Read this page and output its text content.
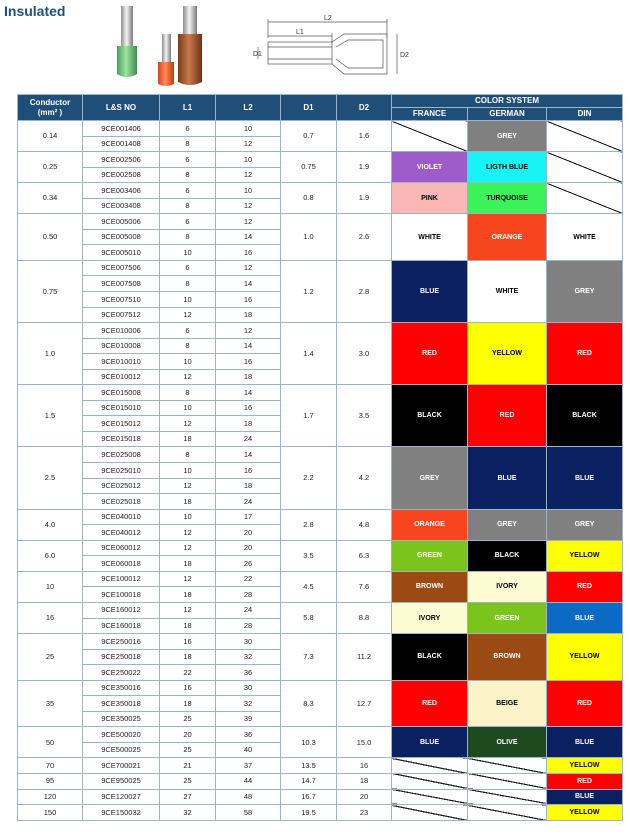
Insulated	L2
L1
D1	D2
Conductor
(mm² )	L&S NO	L1	L2	D1	D2	COLOR SYSTEM		
						FRANCE	GERMAN	DIN
0.14	9CE001406	6	10	0.7	1.6		GREY	
	9CE001408	8	12					
0.25	9CE002506	6	10	0.75	1.9	VIOLET	LIGTH BLUE	
	9CE002508	8	12					
0.34	9CE003406	6	10	0.8	1.9	PINK	TURQUOISE	
	9CE003408	8	12					
0.50	9CE005006	6	12	1.0	2.6	WHITE	ORANGE	WHITE
	9CE005008	8	14					
	9CE005010	10	16					
0.75	9CE007506	6	12	1.2	2.8	BLUE	WHITE	GREY
	9CE007508	8	14					
	9CE007510	10	16					
	9CE007512	12	18					
1.0	9CE010006	6	12	1.4	3.0	RED	YELLOW	RED
	9CE010008	8	14					
	9CE010010	10	16					
	9CE010012	12	18					
1.5	9CE015008	8	14	1.7	3.5	BLACK	RED	BLACK
	9CE015010	10	16					
	9CE015012	12	18					
	9CE015018	18	24					
2.5	9CE025008	8	14	2.2	4.2	GREY	BLUE	BLUE
	9CE025010	10	16					
	9CE025012	12	18					
	9CE025018	18	24					
4.0	9CE040010	10	17	2.8	4.8	ORANGE	GREY	GREY
	9CE040012	12	20					
6.0	9CE060012	12	20	3.5	6.3	GREEN	BLACK	YELLOW
	9CE060018	18	26					
10	9CE100012	12	22	4.5	7.6	BROWN	IVORY	RED
	9CE100018	18	28					
16	9CE160012	12	24	5.8	8.8	IVORY	GREEN	BLUE
	9CE160018	18	28					
25	9CE250016	16	30	7.3	11.2	BLACK	BROWN	YELLOW
	9CE250018	18	32					
	9CE250022	22	36					
35	9CE350016	16	30	8.3	12.7	RED	BEIGE	RED
	9CE350018	18	32					
	9CE350025	25	39					
50	9CE500020	20	36	10.3	15.0	BLUE	OLIVE	BLUE
	9CE500025	25	40					
70	9CE700021	21	37	13.5	16			YELLOW
95	9CE950025	25	44	14.7	18			RED
120	9CE120027	27	48	16.7	20			BLUE
150	9CE150032	32	58	19.5	23			YELLOW
